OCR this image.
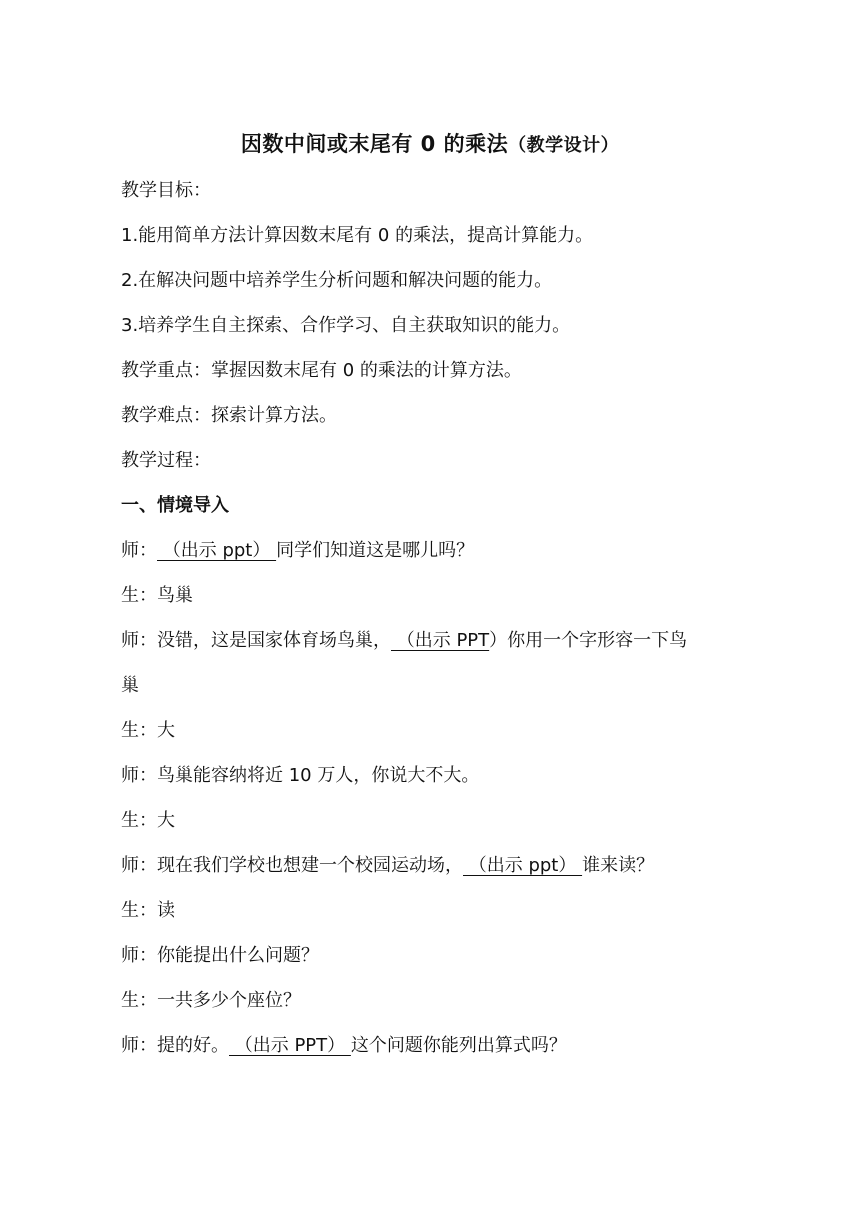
因数中间或末尾有 0 的乘法（教学设计）
教学目标：
1.能用简单方法计算因数末尾有 0 的乘法，提高计算能力。
2.在解决问题中培养学生分析问题和解决问题的能力。
3.培养学生自主探索、合作学习、自主获取知识的能力。
教学重点：掌握因数末尾有 0 的乘法的计算方法。
教学难点：探索计算方法。
教学过程：
一、情境导入
师： （出示 ppt） 同学们知道这是哪儿吗？
生：鸟巢
师：没错，这是国家体育场鸟巢， （出示 PPT）你用一个字形容一下鸟
巢
生：大
师：鸟巢能容纳将近 10 万人，你说大不大。
生：大
师：现在我们学校也想建一个校园运动场， （出示 ppt） 谁来读？
生：读
师：你能提出什么问题？
生：一共多少个座位？
师：提的好。 （出示 PPT） 这个问题你能列出算式吗？
